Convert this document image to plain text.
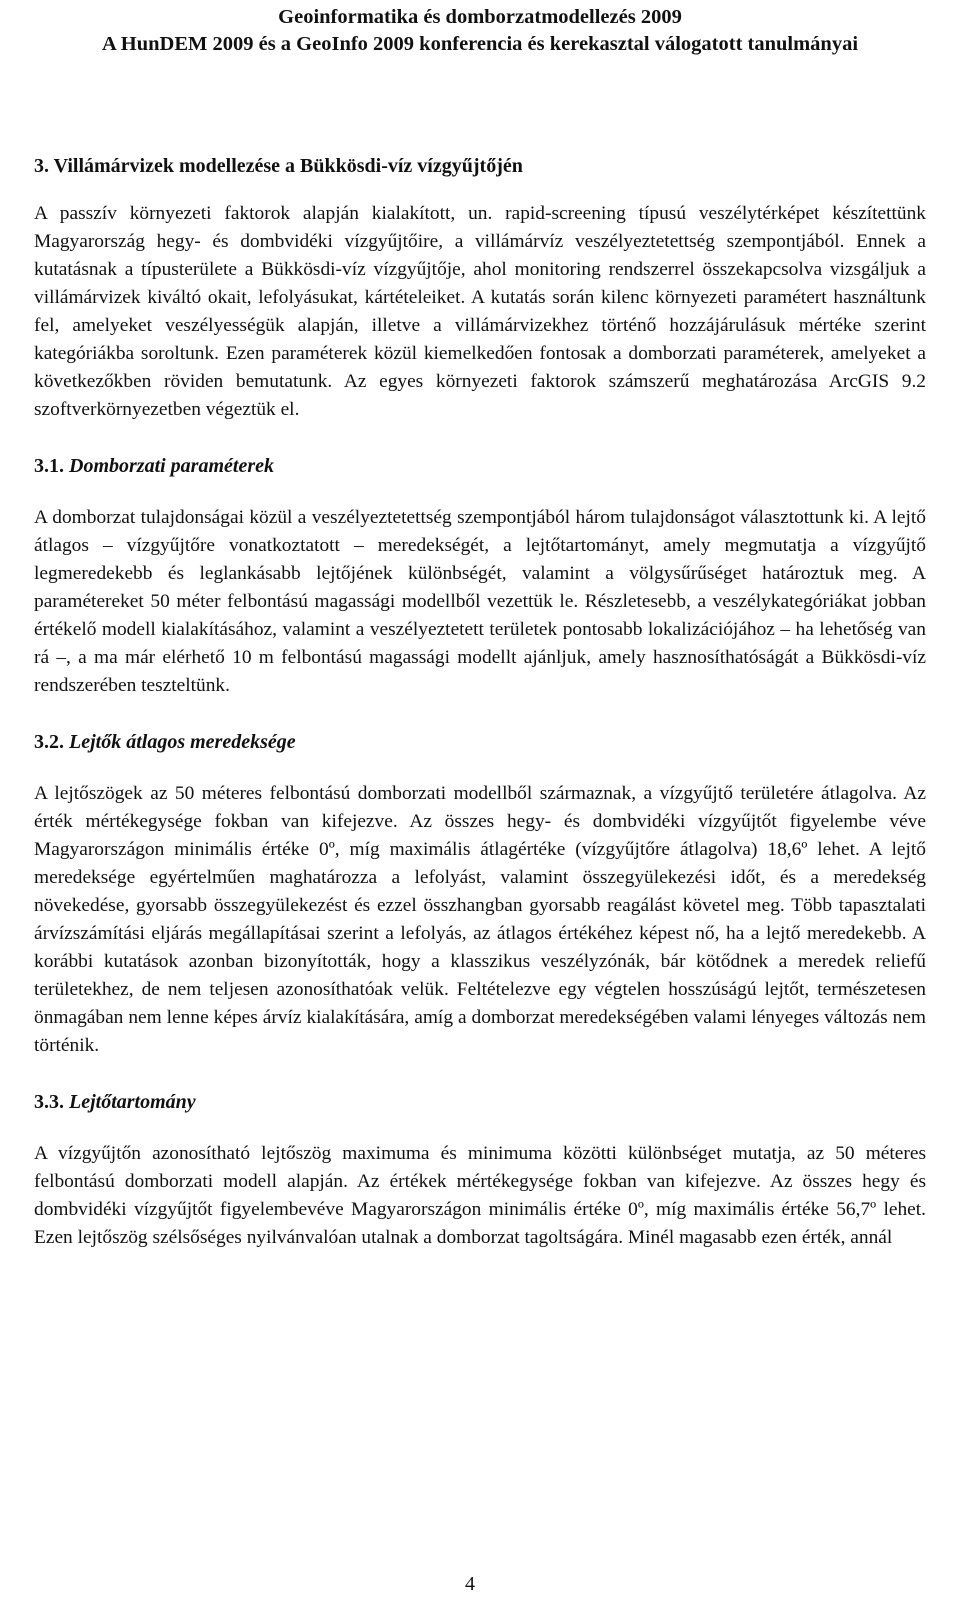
Geoinformatika és domborzatmodellezés 2009
A HunDEM 2009 és a GeoInfo 2009 konferencia és kerekasztal válogatott tanulmányai
3. Villámárvizek modellezése a Bükkösdi-víz vízgyűjtőjén

A passzív környezeti faktorok alapján kialakított, un. rapid-screening típusú veszélytérképet készítettünk Magyarország hegy- és dombvidéki vízgyűjtőire, a villámárvíz veszélyeztetettség szempontjából. Ennek a kutatásnak a típusterülete a Bükkösdi-víz vízgyűjtője, ahol monitoring rendszerrel összekapcsolva vizsgáljuk a villámárvizek kiváltó okait, lefolyásukat, kártételeiket. A kutatás során kilenc környezeti paramétert használtunk fel, amelyeket veszélyességük alapján, illetve a villámárvizekhez történő hozzájárulásuk mértéke szerint kategóriákba soroltunk. Ezen paraméterek közül kiemelkedően fontosak a domborzati paraméterek, amelyeket a következőkben röviden bemutatunk. Az egyes környezeti faktorok számszerű meghatározása ArcGIS 9.2 szoftverkörnyezetben végeztük el.

3.1. Domborzati paraméterek

A domborzat tulajdonságai közül a veszélyeztetettség szempontjából három tulajdonságot választottunk ki. A lejtő átlagos – vízgyűjtőre vonatkoztatott – meredekségét, a lejtőtartományt, amely megmutatja a vízgyűjtő legmeredekebb és leglankásabb lejtőjének különbségét, valamint a völgysűrűséget határoztuk meg. A paramétereket 50 méter felbontású magassági modellből vezettük le. Részletesebb, a veszélykategóriákat jobban értékelő modell kialakításához, valamint a veszélyeztetett területek pontosabb lokalizációjához – ha lehetőség van rá –, a ma már elérhető 10 m felbontású magassági modellt ajánljuk, amely hasznosíthatóságát a Bükkösdi-víz rendszerében teszteltünk.

3.2. Lejtők átlagos meredeksége

A lejtőszögek az 50 méteres felbontású domborzati modellből származnak, a vízgyűjtő területére átlagolva. Az érték mértékegysége fokban van kifejezve. Az összes hegy- és dombvidéki vízgyűjtőt figyelembe véve Magyarországon minimális értéke 0º, míg maximális átlagértéke (vízgyűjtőre átlagolva) 18,6º lehet. A lejtő meredeksége egyértelműen maghatározza a lefolyást, valamint összegyülekezési időt, és a meredekség növekedése, gyorsabb összegyülekezést és ezzel összhangban gyorsabb reagálást követel meg. Több tapasztalati árvízszámítási eljárás megállapításai szerint a lefolyás, az átlagos értékéhez képest nő, ha a lejtő meredekebb. A korábbi kutatások azonban bizonyították, hogy a klasszikus veszélyzónák, bár kötődnek a meredek reliefű területekhez, de nem teljesen azonosíthatóak velük. Feltételezve egy végtelen hosszúságú lejtőt, természetesen önmagában nem lenne képes árvíz kialakítására, amíg a domborzat meredekségében valami lényeges változás nem történik.

3.3. Lejtőtartomány

A vízgyűjtőn azonosítható lejtőszög maximuma és minimuma közötti különbséget mutatja, az 50 méteres felbontású domborzati modell alapján. Az értékek mértékegysége fokban van kifejezve. Az összes hegy és dombvidéki vízgyűjtőt figyelembevéve Magyarországon minimális értéke 0º, míg maximális értéke 56,7º lehet. Ezen lejtőszög szélsőséges nyilvánvalóan utalnak a domborzat tagoltságára. Minél magasabb ezen érték, annál

4
